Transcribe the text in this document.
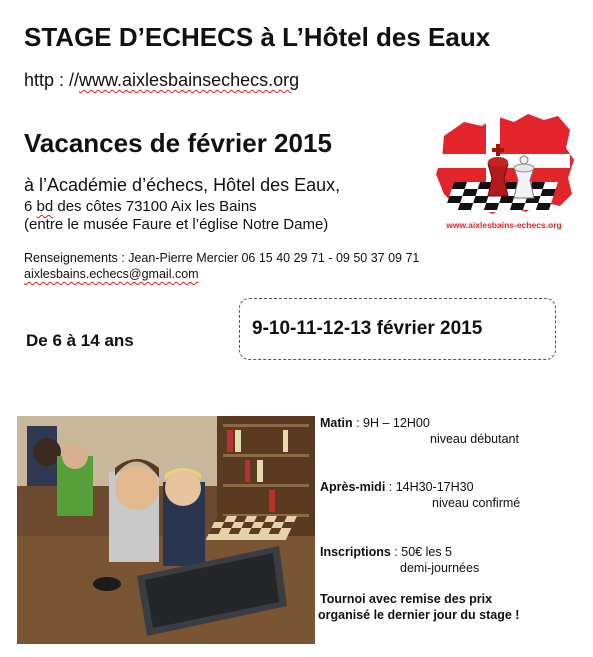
STAGE D’ECHECS à L’Hôtel des Eaux
http : //www.aixlesbainsechecs.org
Vacances de février 2015
à l’Académie d’échecs, Hôtel des Eaux,
6 bd des côtes 73100 Aix les Bains
(entre le musée Faure et l’église Notre Dame)
Renseignements : Jean-Pierre Mercier 06 15 40 29 71 - 09 50 37 09 71
aixlesbains.echecs@gmail.com
De 6 à 14 ans
9-10-11-12-13 février 2015
www.aixlesbains-echecs.org
Matin : 9H – 12H00
niveau débutant
Après-midi : 14H30-17H30
niveau confirmé
Inscriptions : 50€ les 5
demi-journées
Tournoi avec remise des prix
organisé le dernier jour du stage !
